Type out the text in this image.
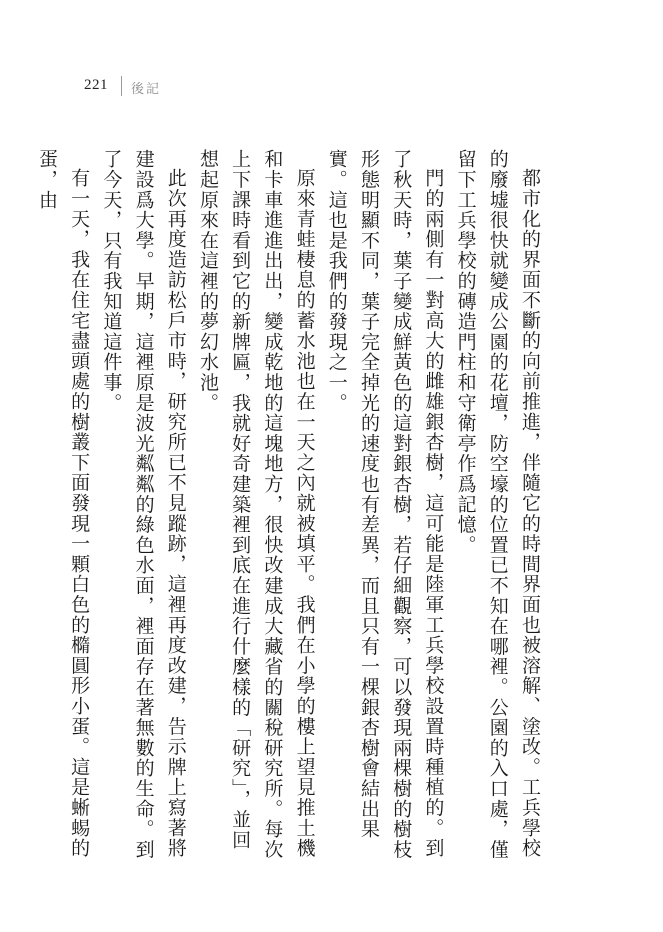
221 後記

都市化的界面不斷的向前推進，伴隨它的時間界面也被溶解、塗改。工兵學校的廢墟很快就變成公園的花壇，防空壕的位置已不知在哪裡。公園的入口處，僅留下工兵學校的磚造門柱和守衛亭作爲記憶。

門的兩側有一對高大的雌雄銀杏樹，這可能是陸軍工兵學校設置時種植的。到了秋天時，葉子變成鮮黃色的這對銀杏樹，若仔細觀察，可以發現兩棵樹的樹枝形態明顯不同，葉子完全掉光的速度也有差異，而且只有一棵銀杏樹會結出果實。這也是我們的發現之一。

原來青蛙棲息的蓄水池也在一天之內就被填平。我們在小學的樓上望見推土機和卡車進進出出，變成乾地的這塊地方，很快改建成大藏省的關稅研究所。每次上下課時看到它的新牌匾，我就好奇建築裡到底在進行什麼樣的「研究」，並回想起原來在這裡的夢幻水池。

此次再度造訪松戶市時，研究所已不見蹤跡，這裡再度改建，告示牌上寫著將建設爲大學。早期，這裡原是波光粼粼的綠色水面，裡面存在著無數的生命。到了今天，只有我知道這件事。

有一天，我在住宅盡頭處的樹叢下面發現一顆白色的橢圓形小蛋。這是蜥蜴的蛋，由
